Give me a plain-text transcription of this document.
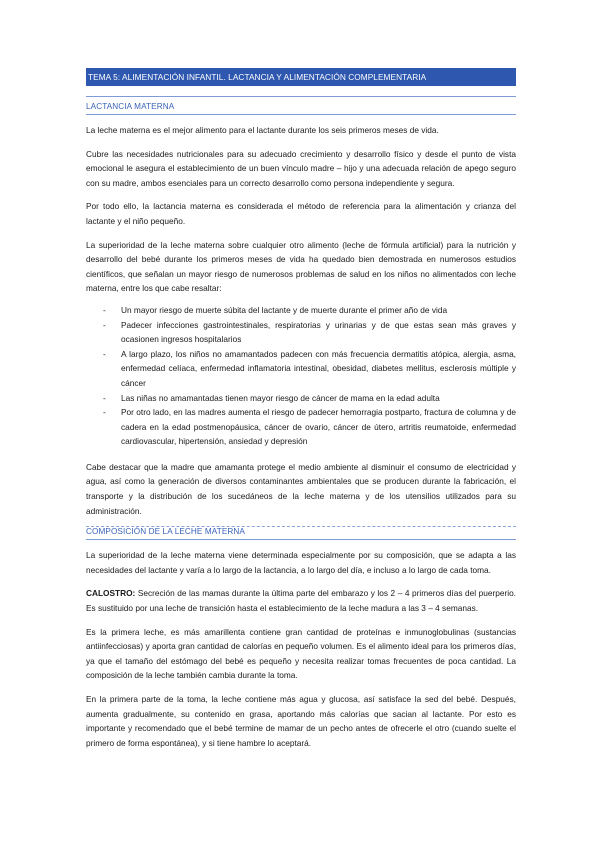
TEMA 5: ALIMENTACIÓN INFANTIL. LACTANCIA Y ALIMENTACIÓN COMPLEMENTARIA
LACTANCIA MATERNA

La leche materna es el mejor alimento para el lactante durante los seis primeros meses de vida.

Cubre las necesidades nutricionales para su adecuado crecimiento y desarrollo físico y desde el punto de vista emocional le asegura el establecimiento de un buen vínculo madre – hijo y una adecuada relación de apego seguro con su madre, ambos esenciales para un correcto desarrollo como persona independiente y segura.

Por todo ello, la lactancia materna es considerada el método de referencia para la alimentación y crianza del lactante y el niño pequeño.

La superioridad de la leche materna sobre cualquier otro alimento (leche de fórmula artificial) para la nutrición y desarrollo del bebé durante los primeros meses de vida ha quedado bien demostrada en numerosos estudios científicos, que señalan un mayor riesgo de numerosos problemas de salud en los niños no alimentados con leche materna, entre los que cabe resaltar:

- Un mayor riesgo de muerte súbita del lactante y de muerte durante el primer año de vida
- Padecer infecciones gastrointestinales, respiratorias y urinarias y de que estas sean más graves y ocasionen ingresos hospitalarios
- A largo plazo, los niños no amamantados padecen con más frecuencia dermatitis atópica, alergia, asma, enfermedad celíaca, enfermedad inflamatoria intestinal, obesidad, diabetes mellitus, esclerosis múltiple y cáncer
- Las niñas no amamantadas tienen mayor riesgo de cáncer de mama en la edad adulta
- Por otro lado, en las madres aumenta el riesgo de padecer hemorragia postparto, fractura de columna y de cadera en la edad postmenopáusica, cáncer de ovario, cáncer de útero, artritis reumatoide, enfermedad cardiovascular, hipertensión, ansiedad y depresión

Cabe destacar que la madre que amamanta protege el medio ambiente al disminuir el consumo de electricidad y agua, así como la generación de diversos contaminantes ambientales que se producen durante la fabricación, el transporte y la distribución de los sucedáneos de la leche materna y de los utensilios utilizados para su administración.

COMPOSICIÓN DE LA LECHE MATERNA

La superioridad de la leche materna viene determinada especialmente por su composición, que se adapta a las necesidades del lactante y varía a lo largo de la lactancia, a lo largo del día, e incluso a lo largo de cada toma.

CALOSTRO: Secreción de las mamas durante la última parte del embarazo y los 2 – 4 primeros días del puerperio. Es sustituido por una leche de transición hasta el establecimiento de la leche madura a las 3 – 4 semanas.

Es la primera leche, es más amarillenta contiene gran cantidad de proteínas e inmunoglobulinas (sustancias antiinfecciosas) y aporta gran cantidad de calorías en pequeño volumen. Es el alimento ideal para los primeros días, ya que el tamaño del estómago del bebé es pequeño y necesita realizar tomas frecuentes de poca cantidad. La composición de la leche también cambia durante la toma.

En la primera parte de la toma, la leche contiene más agua y glucosa, así satisface la sed del bebé. Después, aumenta gradualmente, su contenido en grasa, aportando más calorías que sacian al lactante. Por esto es importante y recomendado que el bebé termine de mamar de un pecho antes de ofrecerle el otro (cuando suelte el primero de forma espontánea), y si tiene hambre lo aceptará.
